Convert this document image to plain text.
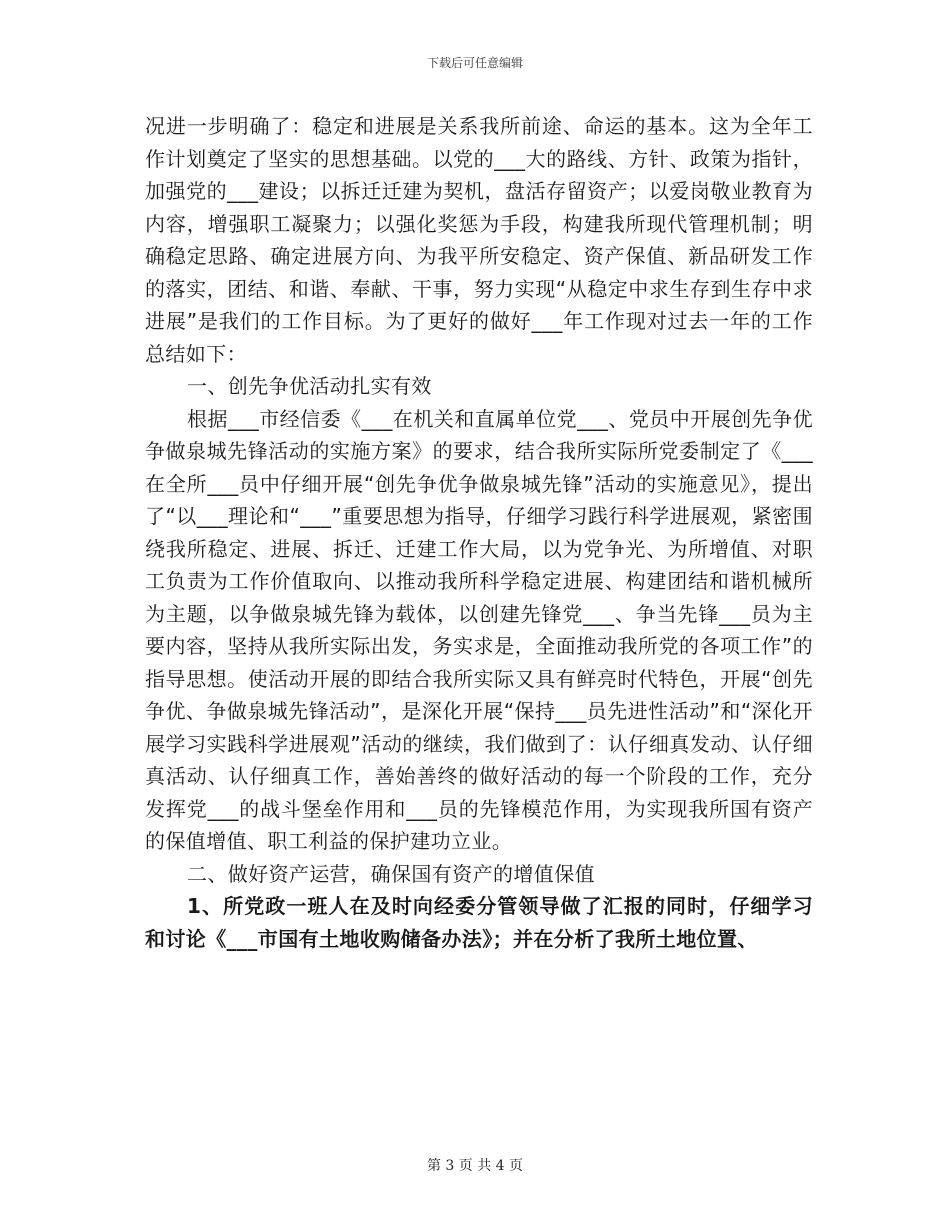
下载后可任意编辑

况进一步明确了：稳定和进展是关系我所前途、命运的基本。这为全年工作计划奠定了坚实的思想基础。以党的___大的路线、方针、政策为指针，加强党的___建设；以拆迁迁建为契机，盘活存留资产；以爱岗敬业教育为内容，增强职工凝聚力；以强化奖惩为手段，构建我所现代管理机制；明确稳定思路、确定进展方向、为我平所安稳定、资产保值、新品研发工作的落实，团结、和谐、奉献、干事，努力实现“从稳定中求生存到生存中求进展”是我们的工作目标。为了更好的做好___年工作现对过去一年的工作总结如下：

一、创先争优活动扎实有效

根据___市经信委《___在机关和直属单位党___、党员中开展创先争优争做泉城先锋活动的实施方案》的要求，结合我所实际所党委制定了《___在全所___员中仔细开展“创先争优争做泉城先锋”活动的实施意见》，提出了“以___理论和“___”重要思想为指导，仔细学习践行科学进展观，紧密围绕我所稳定、进展、拆迁、迁建工作大局，以为党争光、为所增值、对职工负责为工作价值取向、以推动我所科学稳定进展、构建团结和谐机械所为主题，以争做泉城先锋为载体，以创建先锋党___、争当先锋___员为主要内容，坚持从我所实际出发，务实求是，全面推动我所党的各项工作”的指导思想。使活动开展的即结合我所实际又具有鲜亮时代特色，开展“创先争优、争做泉城先锋活动”，是深化开展“保持___员先进性活动”和“深化开展学习实践科学进展观”活动的继续，我们做到了：认仔细真发动、认仔细真活动、认仔细真工作，善始善终的做好活动的每一个阶段的工作，充分发挥党___的战斗堡垒作用和___员的先锋模范作用，为实现我所国有资产的保值增值、职工利益的保护建功立业。

二、做好资产运营，确保国有资产的增值保值

1、所党政一班人在及时向经委分管领导做了汇报的同时，仔细学习和讨论《___市国有土地收购储备办法》；并在分析了我所土地位置、

第 3 页 共 4 页
